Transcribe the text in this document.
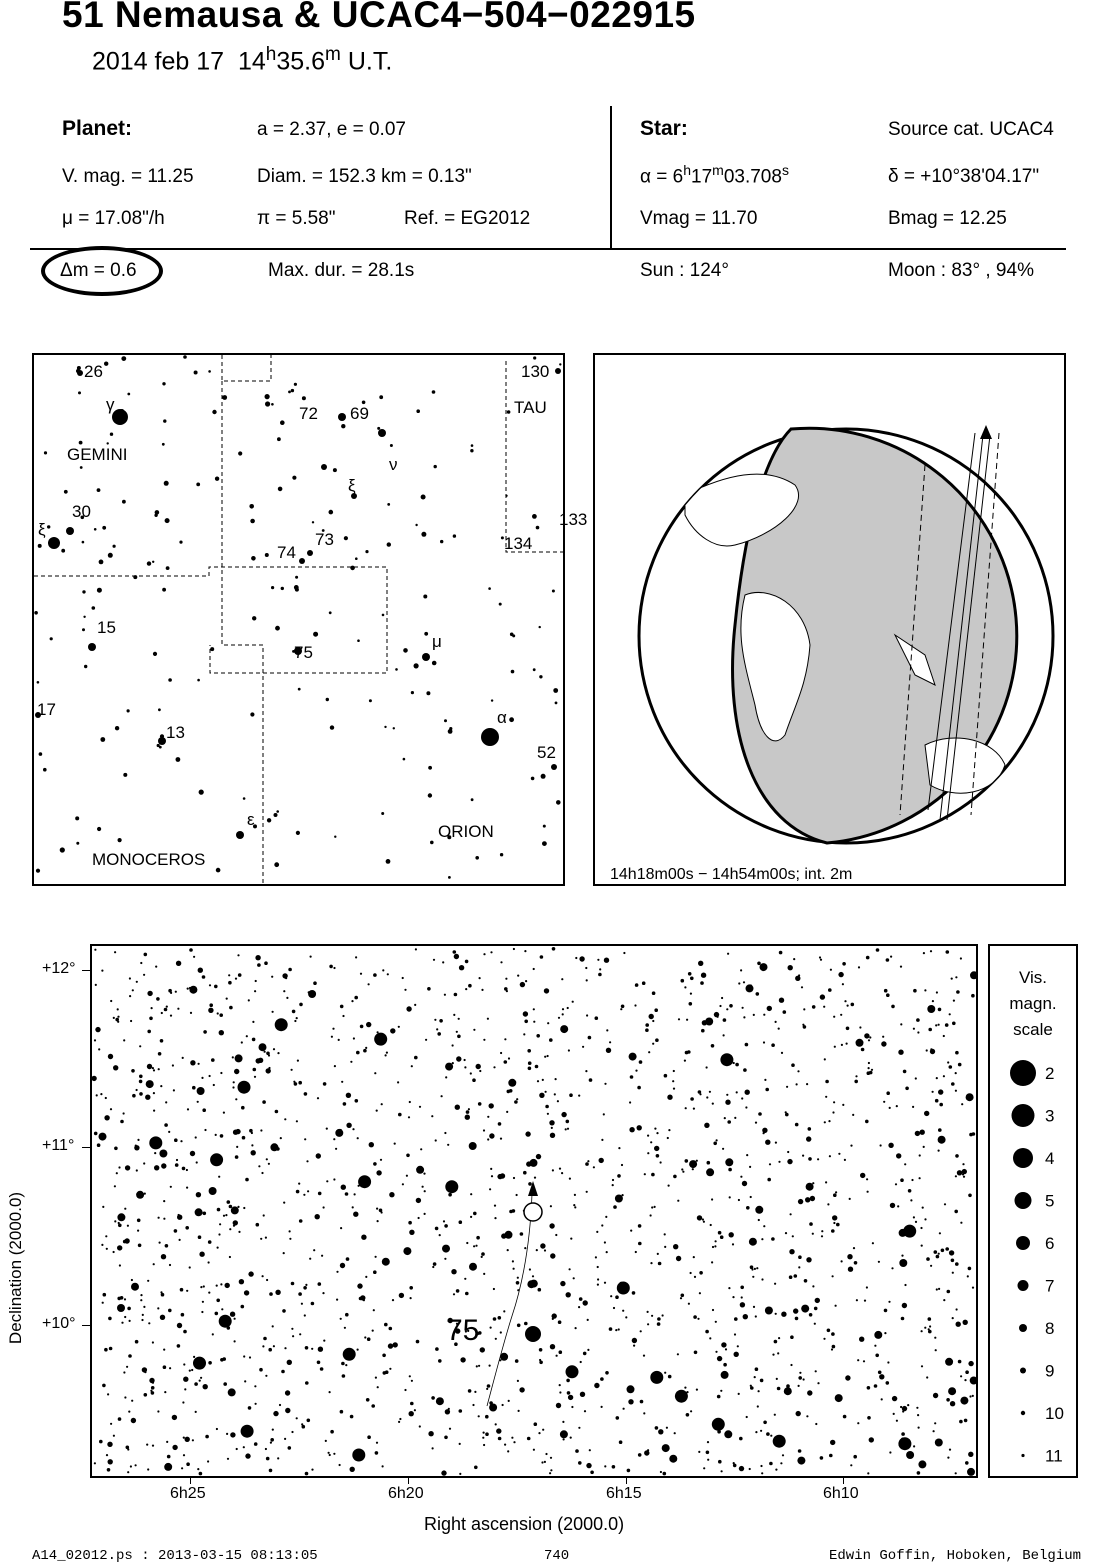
51 Nemausa & UCAC4−504−022915
2014 feb 17 14$^h$35.6$^m$ U.T.
Planet:	a = 2.37, e = 0.07
V. mag. = 11.25	Diam. = 152.3 km = 0.13"
μ = 17.08"/h	π = 5.58"	Ref. = EG2012
Star:	Source cat. UCAC4
$\alpha = 6^h17^m03.708^s$	δ = +10°38'04.17"
Vmag = 11.70	Bmag = 12.25
Δm = 0.6	Max. dur. = 28.1s	Sun : 124°	Moon : 83° , 94%
26
γ	72 69
ν
ξ
130
TAU
GEMINI
ξ
30	133
134
74
73
15
75
μ
17
13
α
52
ε
ORION
MONOCEROS
14h18m00s − 14h54m00s; int. 2m
75
+12°
+11°
+10°
6h25	6h20	6h15	6h10
Declination (2000.0)
Right ascension (2000.0)
Vis.
magn.
scale
2
3
4
5
6
7
8
9
10
11
A14_02012.ps : 2013-03-15 08:13:05	740	Edwin Goffin, Hoboken, Belgium
